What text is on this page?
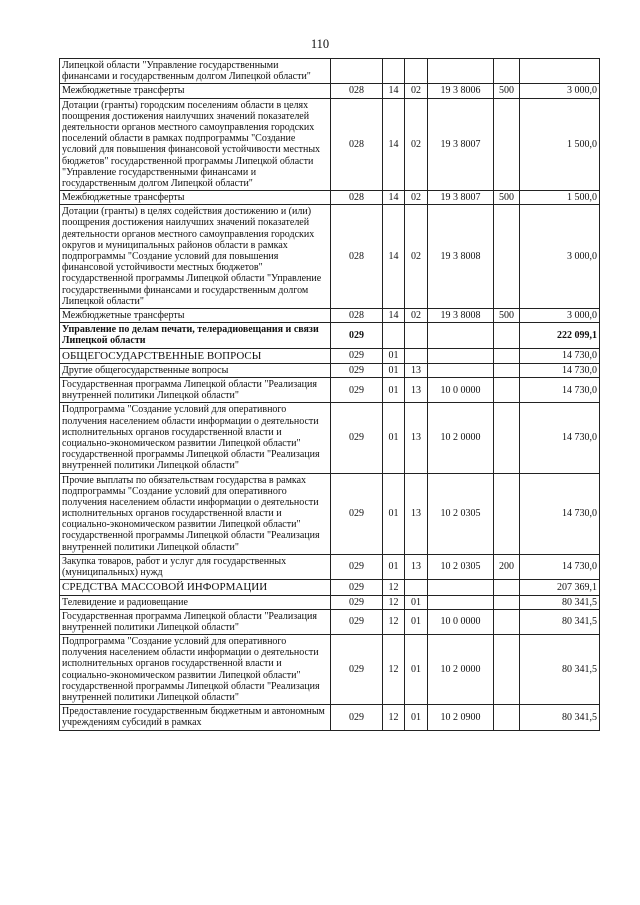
110
Липецкой области "Управление государственными финансами и государственным долгом Липецкой области"						
Межбюджетные трансферты	028	14	02	19 3 8006	500	3 000,0
Дотации (гранты) городским поселениям области в целях поощрения достижения наилучших значений показателей деятельности органов местного самоуправления городских поселений области в рамках подпрограммы "Создание условий для повышения финансовой устойчивости местных бюджетов" государственной программы Липецкой области "Управление государственными финансами и государственным долгом Липецкой области"	028	14	02	19 3 8007		1 500,0
Межбюджетные трансферты	028	14	02	19 3 8007	500	1 500,0
Дотации (гранты) в целях содействия достижению и (или) поощрения достижения наилучших значений показателей деятельности органов местного самоуправления городских округов и муниципальных районов области в рамках подпрограммы "Создание условий для повышения финансовой устойчивости местных бюджетов" государственной программы Липецкой области "Управление государственными финансами и государственным долгом Липецкой области"	028	14	02	19 3 8008		3 000,0
Межбюджетные трансферты	028	14	02	19 3 8008	500	3 000,0
Управление по делам печати, телерадиовещания и связи Липецкой области	029					222 099,1
ОБЩЕГОСУДАРСТВЕННЫЕ ВОПРОСЫ	029	01				14 730,0
Другие общегосударственные вопросы	029	01	13			14 730,0
Государственная программа Липецкой области "Реализация внутренней политики Липецкой области"	029	01	13	10 0 0000		14 730,0
Подпрограмма "Создание условий для оперативного получения населением области информации о деятельности исполнительных органов государственной власти и социально-экономическом развитии Липецкой области" государственной программы Липецкой области "Реализация внутренней политики Липецкой области"	029	01	13	10 2 0000		14 730,0
Прочие выплаты по обязательствам государства в рамках подпрограммы "Создание условий для оперативного получения населением области информации о деятельности исполнительных органов государственной власти и социально-экономическом развитии Липецкой области" государственной программы Липецкой области "Реализация внутренней политики Липецкой области"	029	01	13	10 2 0305		14 730,0
Закупка товаров, работ и услуг для государственных (муниципальных) нужд	029	01	13	10 2 0305	200	14 730,0
СРЕДСТВА МАССОВОЙ ИНФОРМАЦИИ	029	12				207 369,1
Телевидение и радиовещание	029	12	01			80 341,5
Государственная программа Липецкой области "Реализация внутренней политики Липецкой области"	029	12	01	10 0 0000		80 341,5
Подпрограмма "Создание условий для оперативного получения населением области информации о деятельности исполнительных органов государственной власти и социально-экономическом развитии Липецкой области" государственной программы Липецкой области "Реализация внутренней политики Липецкой области"	029	12	01	10 2 0000		80 341,5
Предоставление государственным бюджетным и автономным учреждениям субсидий в рамках	029	12	01	10 2 0900		80 341,5
